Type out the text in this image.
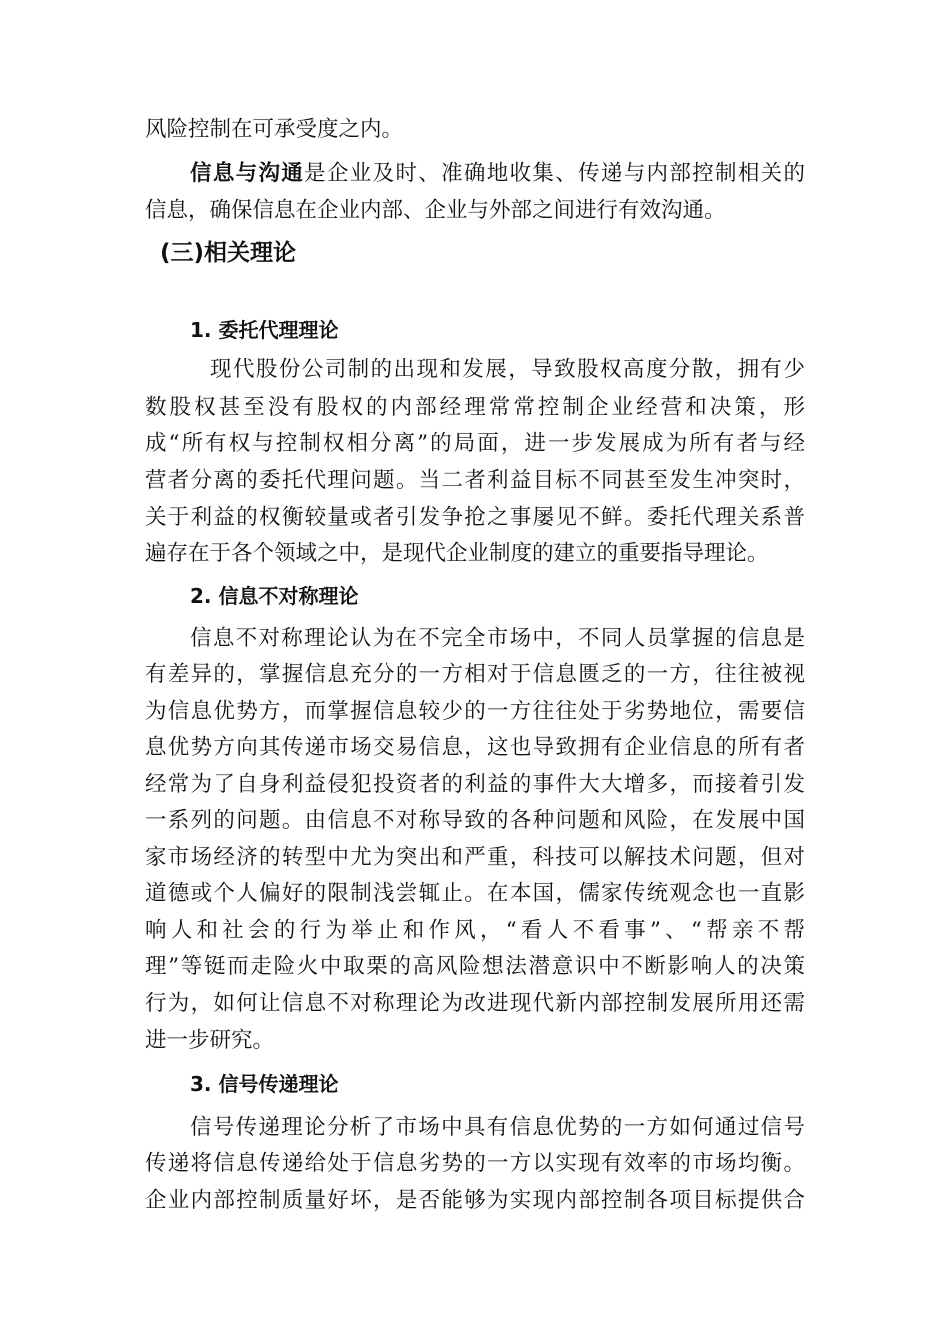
风险控制在可承受度之内。
信息与沟通是企业及时、准确地收集、传递与内部控制相关的
信息，确保信息在企业内部、企业与外部之间进行有效沟通。
(三)相关理论
1. 委托代理理论
现代股份公司制的出现和发展，导致股权高度分散，拥有少
数股权甚至没有股权的内部经理常常控制企业经营和决策，形
成“所有权与控制权相分离”的局面，进一步发展成为所有者与经
营者分离的委托代理问题。当二者利益目标不同甚至发生冲突时，
关于利益的权衡较量或者引发争抢之事屡见不鲜。委托代理关系普
遍存在于各个领域之中，是现代企业制度的建立的重要指导理论。
2. 信息不对称理论
信息不对称理论认为在不完全市场中，不同人员掌握的信息是
有差异的，掌握信息充分的一方相对于信息匮乏的一方，往往被视
为信息优势方，而掌握信息较少的一方往往处于劣势地位，需要信
息优势方向其传递市场交易信息，这也导致拥有企业信息的所有者
经常为了自身利益侵犯投资者的利益的事件大大增多，而接着引发
一系列的问题。由信息不对称导致的各种问题和风险，在发展中国
家市场经济的转型中尤为突出和严重，科技可以解技术问题，但对
道德或个人偏好的限制浅尝辄止。在本国，儒家传统观念也一直影
响人和社会的行为举止和作风，“看人不看事”、“帮亲不帮
理”等铤而走险火中取栗的高风险想法潜意识中不断影响人的决策
行为，如何让信息不对称理论为改进现代新内部控制发展所用还需
进一步研究。
3. 信号传递理论
信号传递理论分析了市场中具有信息优势的一方如何通过信号
传递将信息传递给处于信息劣势的一方以实现有效率的市场均衡。
企业内部控制质量好坏，是否能够为实现内部控制各项目标提供合
